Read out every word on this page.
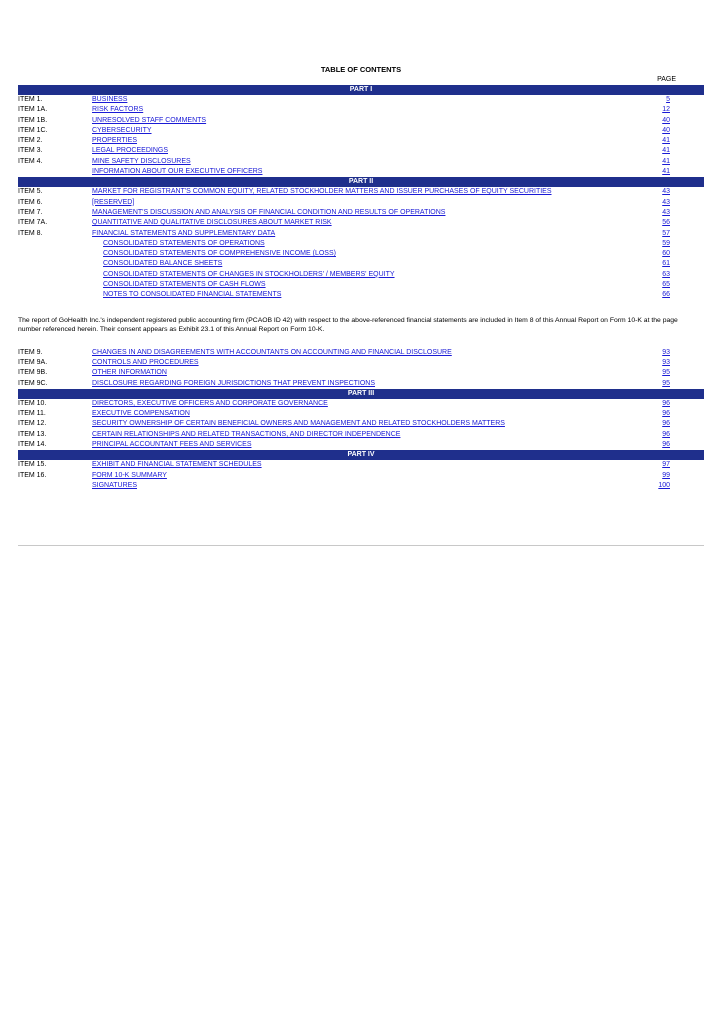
TABLE OF CONTENTS
PAGE
PART I
ITEM 1.	BUSINESS	5
ITEM 1A.	RISK FACTORS	12
ITEM 1B.	UNRESOLVED STAFF COMMENTS	40
ITEM 1C.	CYBERSECURITY	40
ITEM 2.	PROPERTIES	41
ITEM 3.	LEGAL PROCEEDINGS	41
ITEM 4.	MINE SAFETY DISCLOSURES	41
INFORMATION ABOUT OUR EXECUTIVE OFFICERS	41
PART II
ITEM 5.	MARKET FOR REGISTRANT'S COMMON EQUITY, RELATED STOCKHOLDER MATTERS AND ISSUER PURCHASES OF EQUITY SECURITIES	43
ITEM 6.	[RESERVED]	43
ITEM 7.	MANAGEMENT'S DISCUSSION AND ANALYSIS OF FINANCIAL CONDITION AND RESULTS OF OPERATIONS	43
ITEM 7A.	QUANTITATIVE AND QUALITATIVE DISCLOSURES ABOUT MARKET RISK	56
ITEM 8.	FINANCIAL STATEMENTS AND SUPPLEMENTARY DATA	57
CONSOLIDATED STATEMENTS OF OPERATIONS	59
CONSOLIDATED STATEMENTS OF COMPREHENSIVE INCOME (LOSS)	60
CONSOLIDATED BALANCE SHEETS	61
CONSOLIDATED STATEMENTS OF CHANGES IN STOCKHOLDERS' / MEMBERS' EQUITY	63
CONSOLIDATED STATEMENTS OF CASH FLOWS	65
NOTES TO CONSOLIDATED FINANCIAL STATEMENTS	66
The report of GoHealth Inc.'s independent registered public accounting firm (PCAOB ID 42) with respect to the above-referenced financial statements are included in Item 8 of this Annual Report on Form 10-K at the page number referenced herein. Their consent appears as Exhibit 23.1 of this Annual Report on Form 10-K.
ITEM 9.	CHANGES IN AND DISAGREEMENTS WITH ACCOUNTANTS ON ACCOUNTING AND FINANCIAL DISCLOSURE	93
ITEM 9A.	CONTROLS AND PROCEDURES	93
ITEM 9B.	OTHER INFORMATION	95
ITEM 9C.	DISCLOSURE REGARDING FOREIGN JURISDICTIONS THAT PREVENT INSPECTIONS	95
PART III
ITEM 10.	DIRECTORS, EXECUTIVE OFFICERS AND CORPORATE GOVERNANCE	96
ITEM 11.	EXECUTIVE COMPENSATION	96
ITEM 12.	SECURITY OWNERSHIP OF CERTAIN BENEFICIAL OWNERS AND MANAGEMENT AND RELATED STOCKHOLDERS MATTERS	96
ITEM 13.	CERTAIN RELATIONSHIPS AND RELATED TRANSACTIONS, AND DIRECTOR INDEPENDENCE	96
ITEM 14.	PRINCIPAL ACCOUNTANT FEES AND SERVICES	96
PART IV
ITEM 15.	EXHIBIT AND FINANCIAL STATEMENT SCHEDULES	97
ITEM 16.	FORM 10-K SUMMARY	99
SIGNATURES	100
